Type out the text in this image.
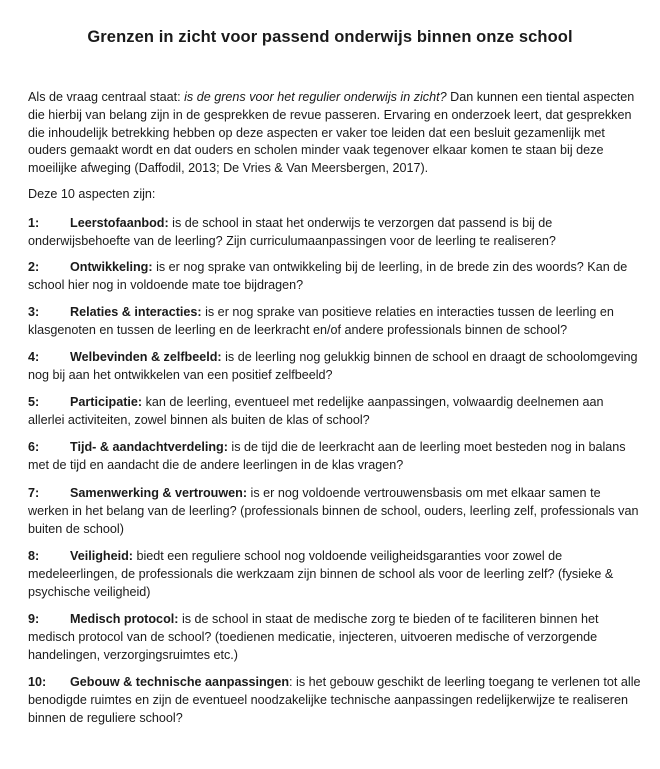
Grenzen in zicht voor passend onderwijs binnen onze school

Als de vraag centraal staat: is de grens voor het regulier onderwijs in zicht? Dan kunnen een tiental aspecten die hierbij van belang zijn in de gesprekken de revue passeren. Ervaring en onderzoek leert, dat gesprekken die inhoudelijk betrekking hebben op deze aspecten er vaker toe leiden dat een besluit gezamenlijk met ouders gemaakt wordt en dat ouders en scholen minder vaak tegenover elkaar komen te staan bij deze moeilijke afweging (Daffodil, 2013; De Vries & Van Meersbergen, 2017).

Deze 10 aspecten zijn:

1: Leerstofaanbod: is de school in staat het onderwijs te verzorgen dat passend is bij de onderwijsbehoefte van de leerling? Zijn curriculumaanpassingen voor de leerling te realiseren?

2: Ontwikkeling: is er nog sprake van ontwikkeling bij de leerling, in de brede zin des woords? Kan de school hier nog in voldoende mate toe bijdragen?

3: Relaties & interacties: is er nog sprake van positieve relaties en interacties tussen de leerling en klasgenoten en tussen de leerling en de leerkracht en/of andere professionals binnen de school?

4: Welbevinden & zelfbeeld: is de leerling nog gelukkig binnen de school en draagt de schoolomgeving nog bij aan het ontwikkelen van een positief zelfbeeld?

5: Participatie: kan de leerling, eventueel met redelijke aanpassingen, volwaardig deelnemen aan allerlei activiteiten, zowel binnen als buiten de klas of school?

6: Tijd- & aandachtverdeling: is de tijd die de leerkracht aan de leerling moet besteden nog in balans met de tijd en aandacht die de andere leerlingen in de klas vragen?

7: Samenwerking & vertrouwen: is er nog voldoende vertrouwensbasis om met elkaar samen te werken in het belang van de leerling? (professionals binnen de school, ouders, leerling zelf, professionals van buiten de school)

8: Veiligheid: biedt een reguliere school nog voldoende veiligheidsgaranties voor zowel de medeleerlingen, de professionals die werkzaam zijn binnen de school als voor de leerling zelf? (fysieke & psychische veiligheid)

9: Medisch protocol: is de school in staat de medische zorg te bieden of te faciliteren binnen het medisch protocol van de school? (toedienen medicatie, injecteren, uitvoeren medische of verzorgende handelingen, verzorgingsruimtes etc.)

10: Gebouw & technische aanpassingen: is het gebouw geschikt de leerling toegang te verlenen tot alle benodigde ruimtes en zijn de eventueel noodzakelijke technische aanpassingen redelijkerwijze te realiseren binnen de reguliere school?
